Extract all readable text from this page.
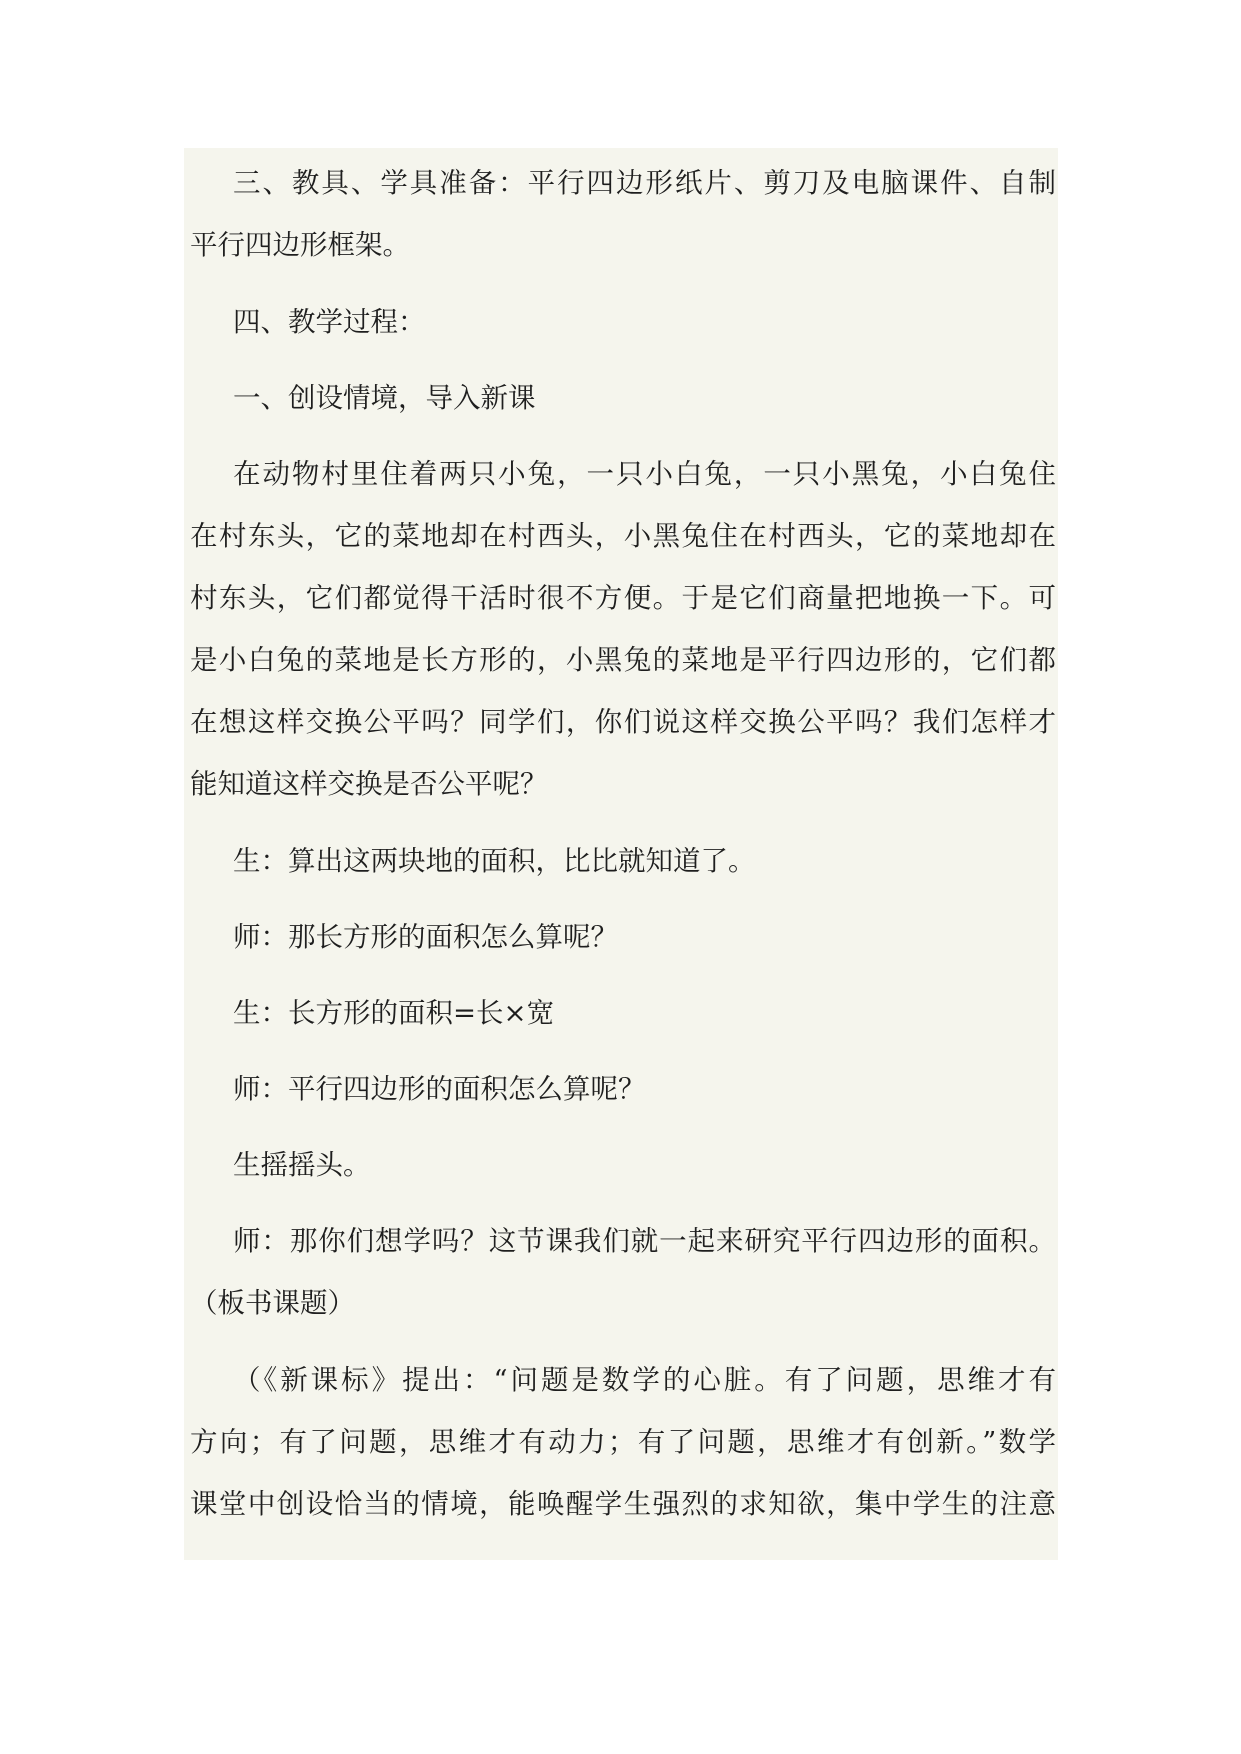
三、教具、学具准备：平行四边形纸片、剪刀及电脑课件、自制
平行四边形框架。
四、教学过程：
一、创设情境，导入新课
在动物村里住着两只小兔，一只小白兔，一只小黑兔，小白兔住
在村东头，它的菜地却在村西头，小黑兔住在村西头，它的菜地却在
村东头，它们都觉得干活时很不方便。于是它们商量把地换一下。可
是小白兔的菜地是长方形的，小黑兔的菜地是平行四边形的，它们都
在想这样交换公平吗？同学们，你们说这样交换公平吗？我们怎样才
能知道这样交换是否公平呢？
生：算出这两块地的面积，比比就知道了。
师：那长方形的面积怎么算呢？
生：长方形的面积=长×宽
师：平行四边形的面积怎么算呢？
生摇摇头。
师：那你们想学吗？这节课我们就一起来研究平行四边形的面积。
（板书课题）
（《新课标》提出：“问题是数学的心脏。有了问题，思维才有
方向；有了问题，思维才有动力；有了问题，思维才有创新。”数学
课堂中创设恰当的情境，能唤醒学生强烈的求知欲，集中学生的注意
